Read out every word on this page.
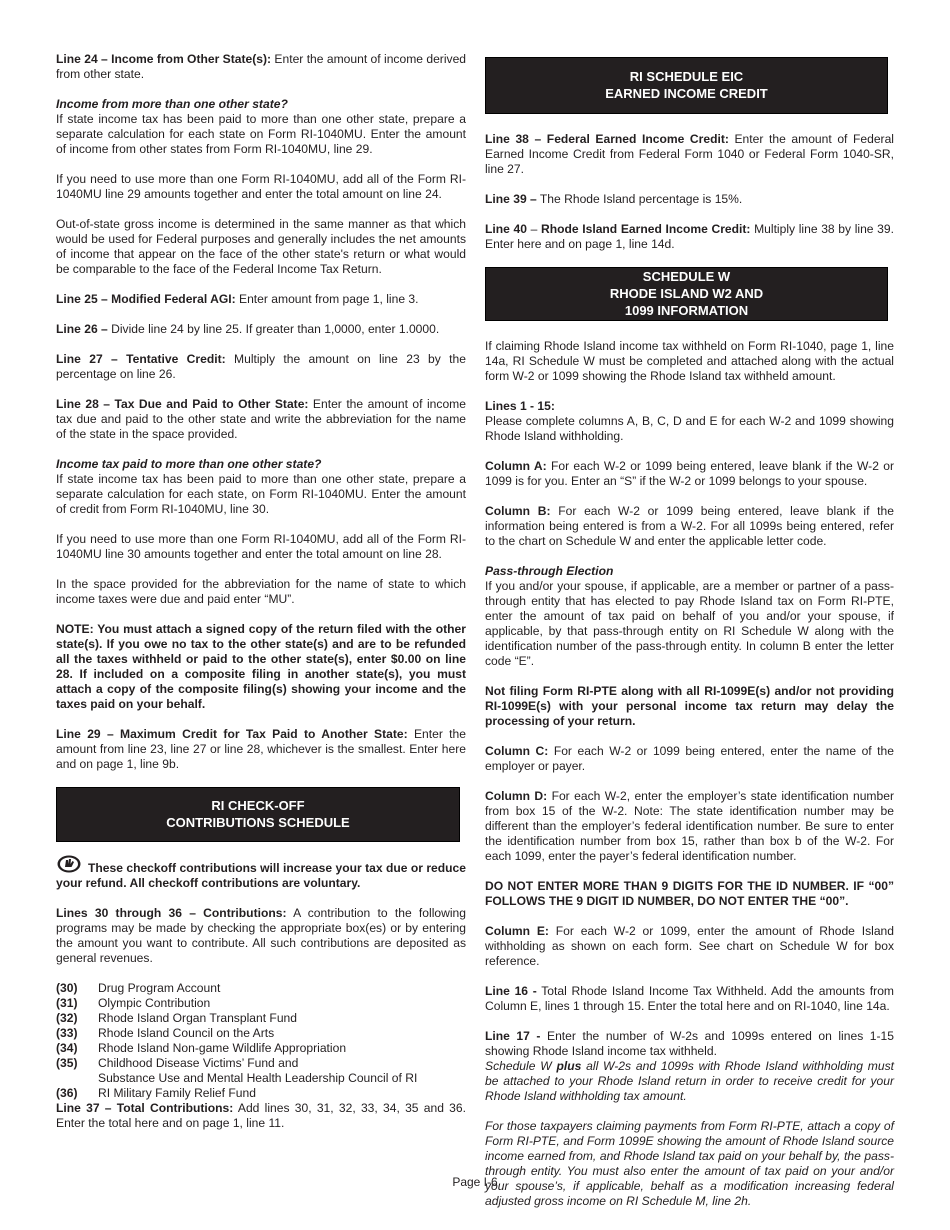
Line 24 – Income from Other State(s): Enter the amount of income derived from other state.

Income from more than one other state?
If state income tax has been paid to more than one other state, prepare a separate calculation for each state on Form RI-1040MU. Enter the amount of income from other states from Form RI-1040MU, line 29.

If you need to use more than one Form RI-1040MU, add all of the Form RI-1040MU line 29 amounts together and enter the total amount on line 24.

Out-of-state gross income is determined in the same manner as that which would be used for Federal purposes and generally includes the net amounts of income that appear on the face of the other state's return or what would be comparable to the face of the Federal Income Tax Return.

Line 25 – Modified Federal AGI: Enter amount from page 1, line 3.

Line 26 – Divide line 24 by line 25. If greater than 1,0000, enter 1.0000.

Line 27 – Tentative Credit: Multiply the amount on line 23 by the percentage on line 26.

Line 28 – Tax Due and Paid to Other State: Enter the amount of income tax due and paid to the other state and write the abbreviation for the name of the state in the space provided.

Income tax paid to more than one other state?
If state income tax has been paid to more than one other state, prepare a separate calculation for each state, on Form RI-1040MU. Enter the amount of credit from Form RI-1040MU, line 30.

If you need to use more than one Form RI-1040MU, add all of the Form RI-1040MU line 30 amounts together and enter the total amount on line 28.

In the space provided for the abbreviation for the name of state to which income taxes were due and paid enter “MU”.

NOTE: You must attach a signed copy of the return filed with the other state(s). If you owe no tax to the other state(s) and are to be refunded all the taxes withheld or paid to the other state(s), enter $0.00 on line 28. If included on a composite filing in another state(s), you must attach a copy of the composite filing(s) showing your income and the taxes paid on your behalf.

Line 29 – Maximum Credit for Tax Paid to Another State: Enter the amount from line 23, line 27 or line 28, whichever is the smallest. Enter here and on page 1, line 9b.

RI CHECK-OFF
CONTRIBUTIONS SCHEDULE

These checkoff contributions will increase your tax due or reduce your refund. All checkoff contributions are voluntary.

Lines 30 through 36 – Contributions: A contribution to the following programs may be made by checking the appropriate box(es) or by entering the amount you want to contribute. All such contributions are deposited as general revenues.

(30)	Drug Program Account
(31)	Olympic Contribution
(32)	Rhode Island Organ Transplant Fund
(33)	Rhode Island Council on the Arts
(34)	Rhode Island Non-game Wildlife Appropriation
(35)	Childhood Disease Victims’ Fund and
Substance Use and Mental Health Leadership Council of RI
(36)	RI Military Family Relief Fund

Line 37 – Total Contributions: Add lines 30, 31, 32, 33, 34, 35 and 36. Enter the total here and on page 1, line 11.

RI SCHEDULE EIC
EARNED INCOME CREDIT

Line 38 – Federal Earned Income Credit: Enter the amount of Federal Earned Income Credit from Federal Form 1040 or Federal Form 1040-SR, line 27.

Line 39 – The Rhode Island percentage is 15%.

Line 40 – Rhode Island Earned Income Credit: Multiply line 38 by line 39. Enter here and on page 1, line 14d.

SCHEDULE W
RHODE ISLAND W2 AND
1099 INFORMATION

If claiming Rhode Island income tax withheld on Form RI-1040, page 1, line 14a, RI Schedule W must be completed and attached along with the actual form W-2 or 1099 showing the Rhode Island tax withheld amount.

Lines 1 - 15:
Please complete columns A, B, C, D and E for each W-2 and 1099 showing Rhode Island withholding.

Column A: For each W-2 or 1099 being entered, leave blank if the W-2 or 1099 is for you. Enter an “S” if the W-2 or 1099 belongs to your spouse.

Column B: For each W-2 or 1099 being entered, leave blank if the information being entered is from a W-2. For all 1099s being entered, refer to the chart on Schedule W and enter the applicable letter code.

Pass-through Election
If you and/or your spouse, if applicable, are a member or partner of a pass-through entity that has elected to pay Rhode Island tax on Form RI-PTE, enter the amount of tax paid on behalf of you and/or your spouse, if applicable, by that pass-through entity on RI Schedule W along with the identification number of the pass-through entity. In column B enter the letter code “E”.

Not filing Form RI-PTE along with all RI-1099E(s) and/or not providing RI-1099E(s) with your personal income tax return may delay the processing of your return.

Column C: For each W-2 or 1099 being entered, enter the name of the employer or payer.

Column D: For each W-2, enter the employer’s state identification number from box 15 of the W-2. Note: The state identification number may be different than the employer’s federal identification number. Be sure to enter the identification number from box 15, rather than box b of the W-2. For each 1099, enter the payer’s federal identification number.

DO NOT ENTER MORE THAN 9 DIGITS FOR THE ID NUMBER. IF “00” FOLLOWS THE 9 DIGIT ID NUMBER, DO NOT ENTER THE “00”.

Column E: For each W-2 or 1099, enter the amount of Rhode Island withholding as shown on each form. See chart on Schedule W for box reference.

Line 16 - Total Rhode Island Income Tax Withheld. Add the amounts from Column E, lines 1 through 15. Enter the total here and on RI-1040, line 14a.

Line 17 - Enter the number of W-2s and 1099s entered on lines 1-15 showing Rhode Island income tax withheld.
Schedule W plus all W-2s and 1099s with Rhode Island withholding must be attached to your Rhode Island return in order to receive credit for your Rhode Island withholding tax amount.

For those taxpayers claiming payments from Form RI-PTE, attach a copy of Form RI-PTE, and Form 1099E showing the amount of Rhode Island source income earned from, and Rhode Island tax paid on your behalf by, the pass-through entity. You must also enter the amount of tax paid on your and/or your spouse’s, if applicable, behalf as a modification increasing federal adjusted gross income on RI Schedule M, line 2h.

Page I-6
